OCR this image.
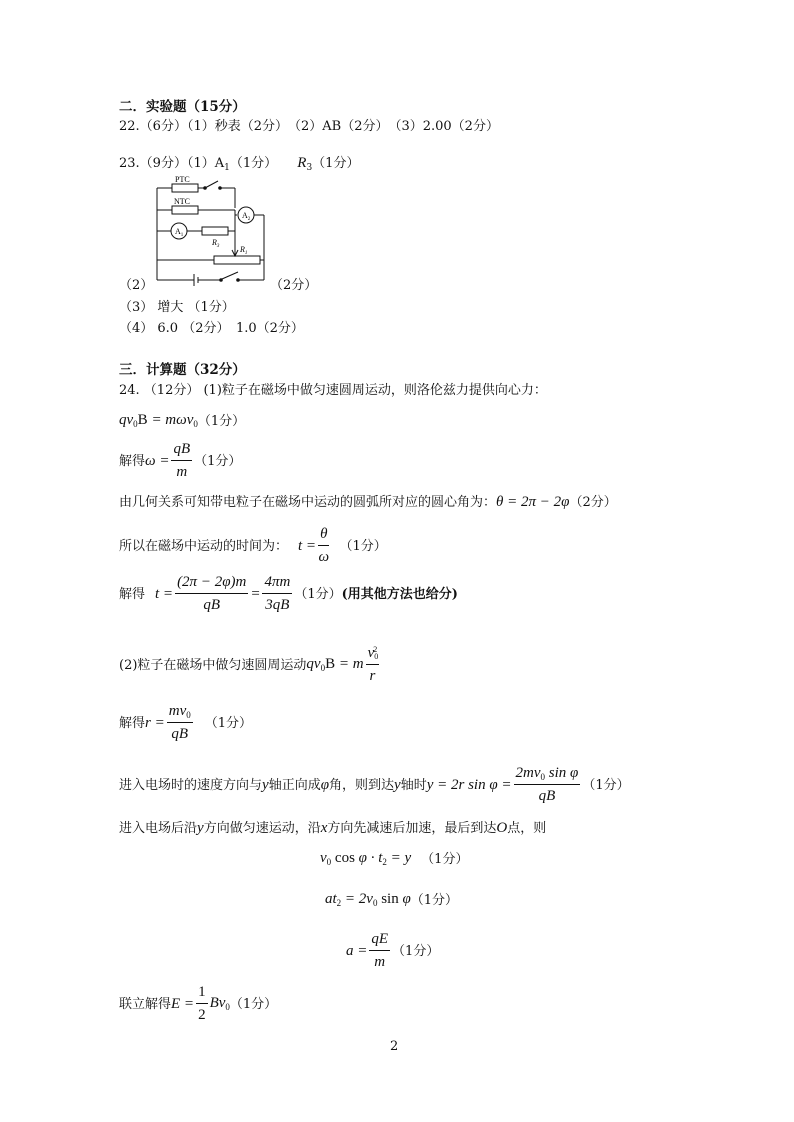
二．实验题（15分）
22.（6分）（1）秒表（2分）　（2）AB（2分）　（3）2.00（2分）
23.（9分）$(1)A_1(1$分） $R_3(1$分）
PTC
NTC
$A_2$
$A_1$
$R_3$	$R_1$
（2）	（2分）
（3） 增大 （1分）
（4） 6.0 （2分）　1.0（2分）
三．计算题（32分）
24. （12分） (1)粒子在磁场中做匀速圆周运动，则洛伦兹力提供向心力：
$qv_0B = m\omega v_0$ （1分）
解得 $\omega = \frac{qB}{m} (1$分）
由几何关系可知带电粒子在磁场中运动的圆弧所对应的圆心角为： θ = 2π − 2φ （2分）
所以在磁场中运动的时间为： $t = \frac{\theta}{\omega} (1$分）
解得 $t = \frac{(2\pi - 2\varphi)m}{qB} = \frac{4\pi m}{3qB} (1$分） (用其他方法也给分)
(2)粒子在磁场中做匀速圆周运动 $qv_0B = m \frac{v_0^2}{r}$
解得 $r = \frac{mv_0}{qB} (1$分）
进入电场时的速度方向与 y 轴正向成 φ 角，则到达 y 轴时 y = 2r $\sin \varphi = \frac{2mv_0 \sin \varphi}{qB} (1$分）
进入电场后沿 y 方向做匀速运动，沿 x 方向先减速后加速，最后到达 O 点，则
$v_0$ $\cos \varphi \cdot t_2 = y$ （1分）
$at_2 = 2v_0$ sin φ （1分）
$a = \frac{qE}{m} (1$分）
联立解得 $E = \frac{1}{2} Bv_0$ （1分）
2
